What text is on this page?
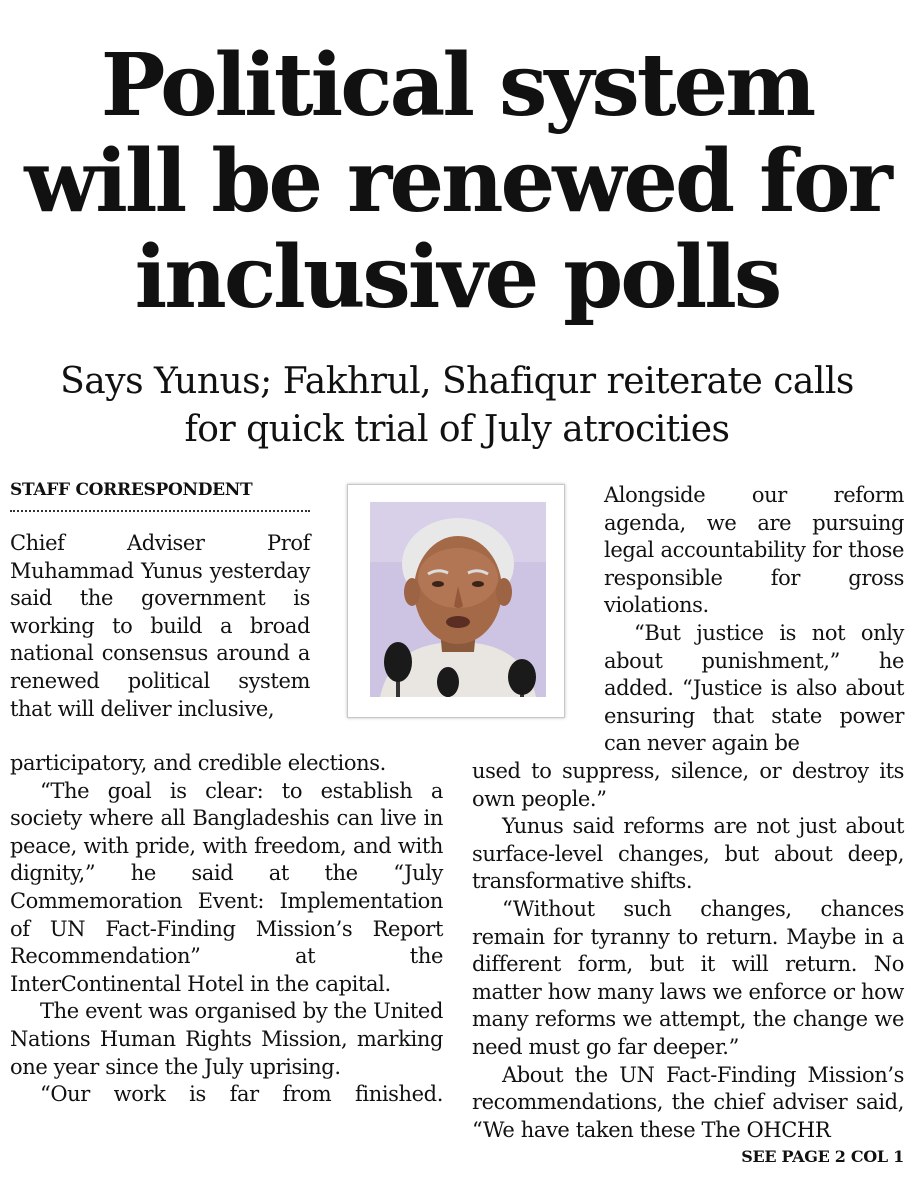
Political system
will be renewed for
inclusive polls
Says Yunus; Fakhrul, Shafiqur reiterate calls
for quick trial of July atrocities
STAFF CORRESPONDENT

Chief Adviser Prof Muhammad Yunus yesterday said the government is working to build a broad national consensus around a renewed political system that will deliver inclusive,

participatory, and credible elections.

“The goal is clear: to establish a society where all Bangladeshis can live in peace, with pride, with freedom, and with dignity,” he said at the “July Commemoration Event: Implementation of UN Fact-Finding Mission’s Report Recommendation” at the InterContinental Hotel in the capital.

The event was organised by the United Nations Human Rights Mission, marking one year since the July uprising.

“Our work is far from finished.

Alongside our reform agenda, we are pursuing legal accountability for those responsible for gross violations.

“But justice is not only about punishment,” he added. “Justice is also about ensuring that state power can never again be

used to suppress, silence, or destroy its own people.”

Yunus said reforms are not just about surface-level changes, but about deep, transformative shifts.

“Without such changes, chances remain for tyranny to return. Maybe in a different form, but it will return. No matter how many laws we enforce or how many reforms we attempt, the change we need must go far deeper.”

About the UN Fact-Finding Mission’s recommendations, the chief adviser said, “We have taken these The OHCHR

SEE PAGE 2 COL 1
